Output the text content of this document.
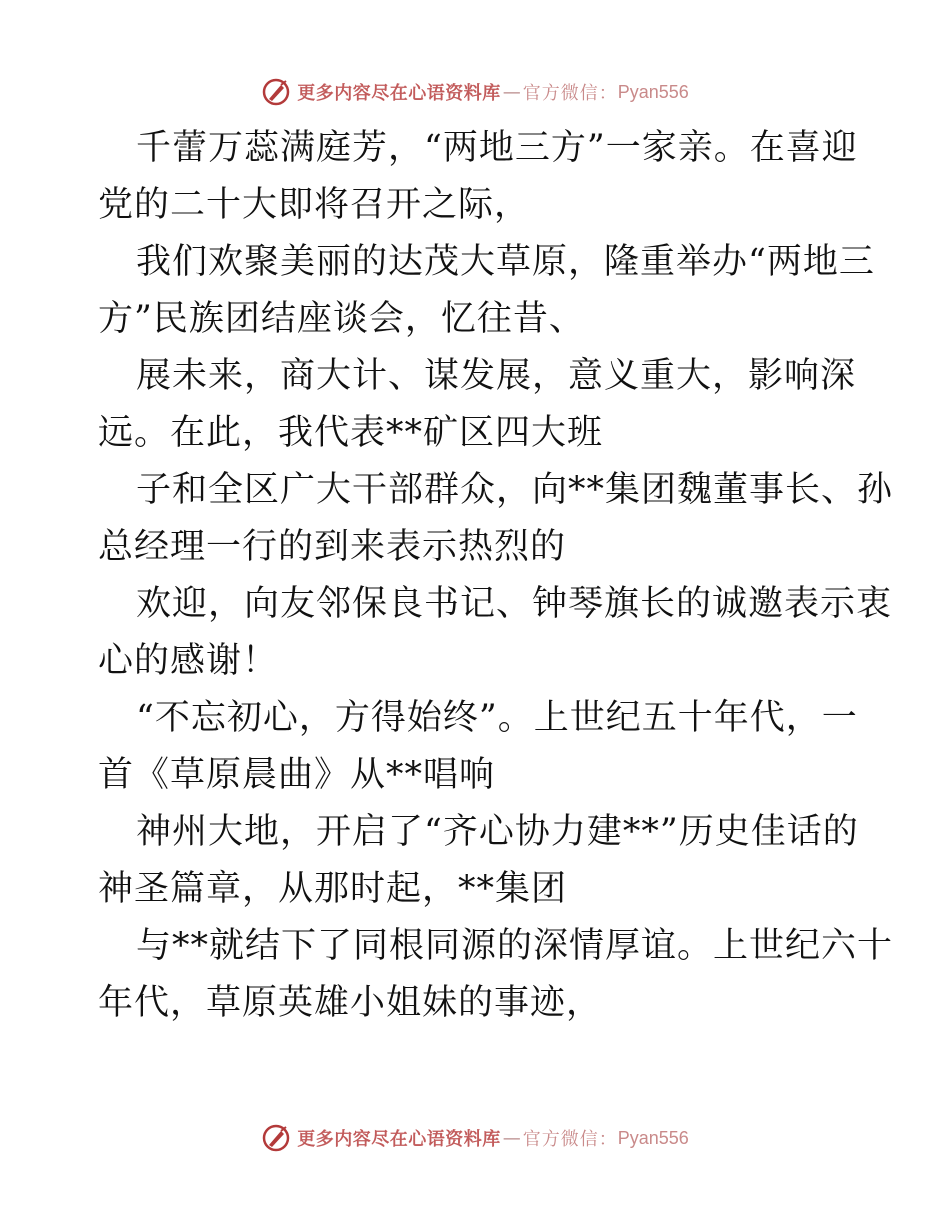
更多内容尽在心语资料库 — 官方微信： Pyan556
千蕾万蕊满庭芳，“两地三方”一家亲。在喜迎
党的二十大即将召开之际，
我们欢聚美丽的达茂大草原，隆重举办“两地三
方”民族团结座谈会，忆往昔、
展未来，商大计、谋发展，意义重大，影响深
远。在此，我代表**矿区四大班
子和全区广大干部群众，向**集团魏董事长、孙
总经理一行的到来表示热烈的
欢迎，向友邻保良书记、钟琴旗长的诚邀表示衷
心的感谢！
“不忘初心，方得始终”。上世纪五十年代，一
首《草原晨曲》从**唱响
神州大地，开启了“齐心协力建**”历史佳话的
神圣篇章，从那时起，**集团
与**就结下了同根同源的深情厚谊。上世纪六十
年代，草原英雄小姐妹的事迹，
更多内容尽在心语资料库 — 官方微信： Pyan556
